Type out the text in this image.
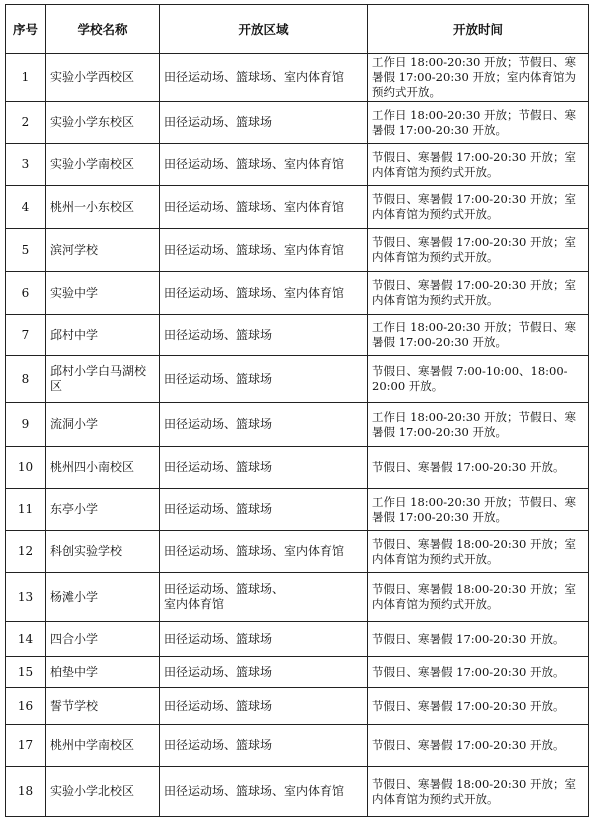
序号	学校名称	开放区域	开放时间
1	实验小学西校区	田径运动场、篮球场、室内体育馆	工作日 18:00-20:30 开放；节假日、寒暑假 17:00-20:30 开放；室内体育馆为预约式开放。
2	实验小学东校区	田径运动场、篮球场	工作日 18:00-20:30 开放；节假日、寒暑假 17:00-20:30 开放。
3	实验小学南校区	田径运动场、篮球场、室内体育馆	节假日、寒暑假 17:00-20:30 开放；室内体育馆为预约式开放。
4	桃州一小东校区	田径运动场、篮球场、室内体育馆	节假日、寒暑假 17:00-20:30 开放；室内体育馆为预约式开放。
5	滨河学校	田径运动场、篮球场、室内体育馆	节假日、寒暑假 17:00-20:30 开放；室内体育馆为预约式开放。
6	实验中学	田径运动场、篮球场、室内体育馆	节假日、寒暑假 17:00-20:30 开放；室内体育馆为预约式开放。
7	邱村中学	田径运动场、篮球场	工作日 18:00-20:30 开放；节假日、寒暑假 17:00-20:30 开放。
8	邱村小学白马湖校区	田径运动场、篮球场	节假日、寒暑假 7:00-10:00、18:00-20:00 开放。
9	流洞小学	田径运动场、篮球场	工作日 18:00-20:30 开放；节假日、寒暑假 17:00-20:30 开放。
10	桃州四小南校区	田径运动场、篮球场	节假日、寒暑假 17:00-20:30 开放。
11	东亭小学	田径运动场、篮球场	工作日 18:00-20:30 开放；节假日、寒暑假 17:00-20:30 开放。
12	科创实验学校	田径运动场、篮球场、室内体育馆	节假日、寒暑假 18:00-20:30 开放；室内体育馆为预约式开放。
13	杨滩小学	田径运动场、篮球场、室内体育馆	节假日、寒暑假 18:00-20:30 开放；室内体育馆为预约式开放。
14	四合小学	田径运动场、篮球场	节假日、寒暑假 17:00-20:30 开放。
15	柏垫中学	田径运动场、篮球场	节假日、寒暑假 17:00-20:30 开放。
16	誓节学校	田径运动场、篮球场	节假日、寒暑假 17:00-20:30 开放。
17	桃州中学南校区	田径运动场、篮球场	节假日、寒暑假 17:00-20:30 开放。
18	实验小学北校区	田径运动场、篮球场、室内体育馆	节假日、寒暑假 18:00-20:30 开放；室内体育馆为预约式开放。
